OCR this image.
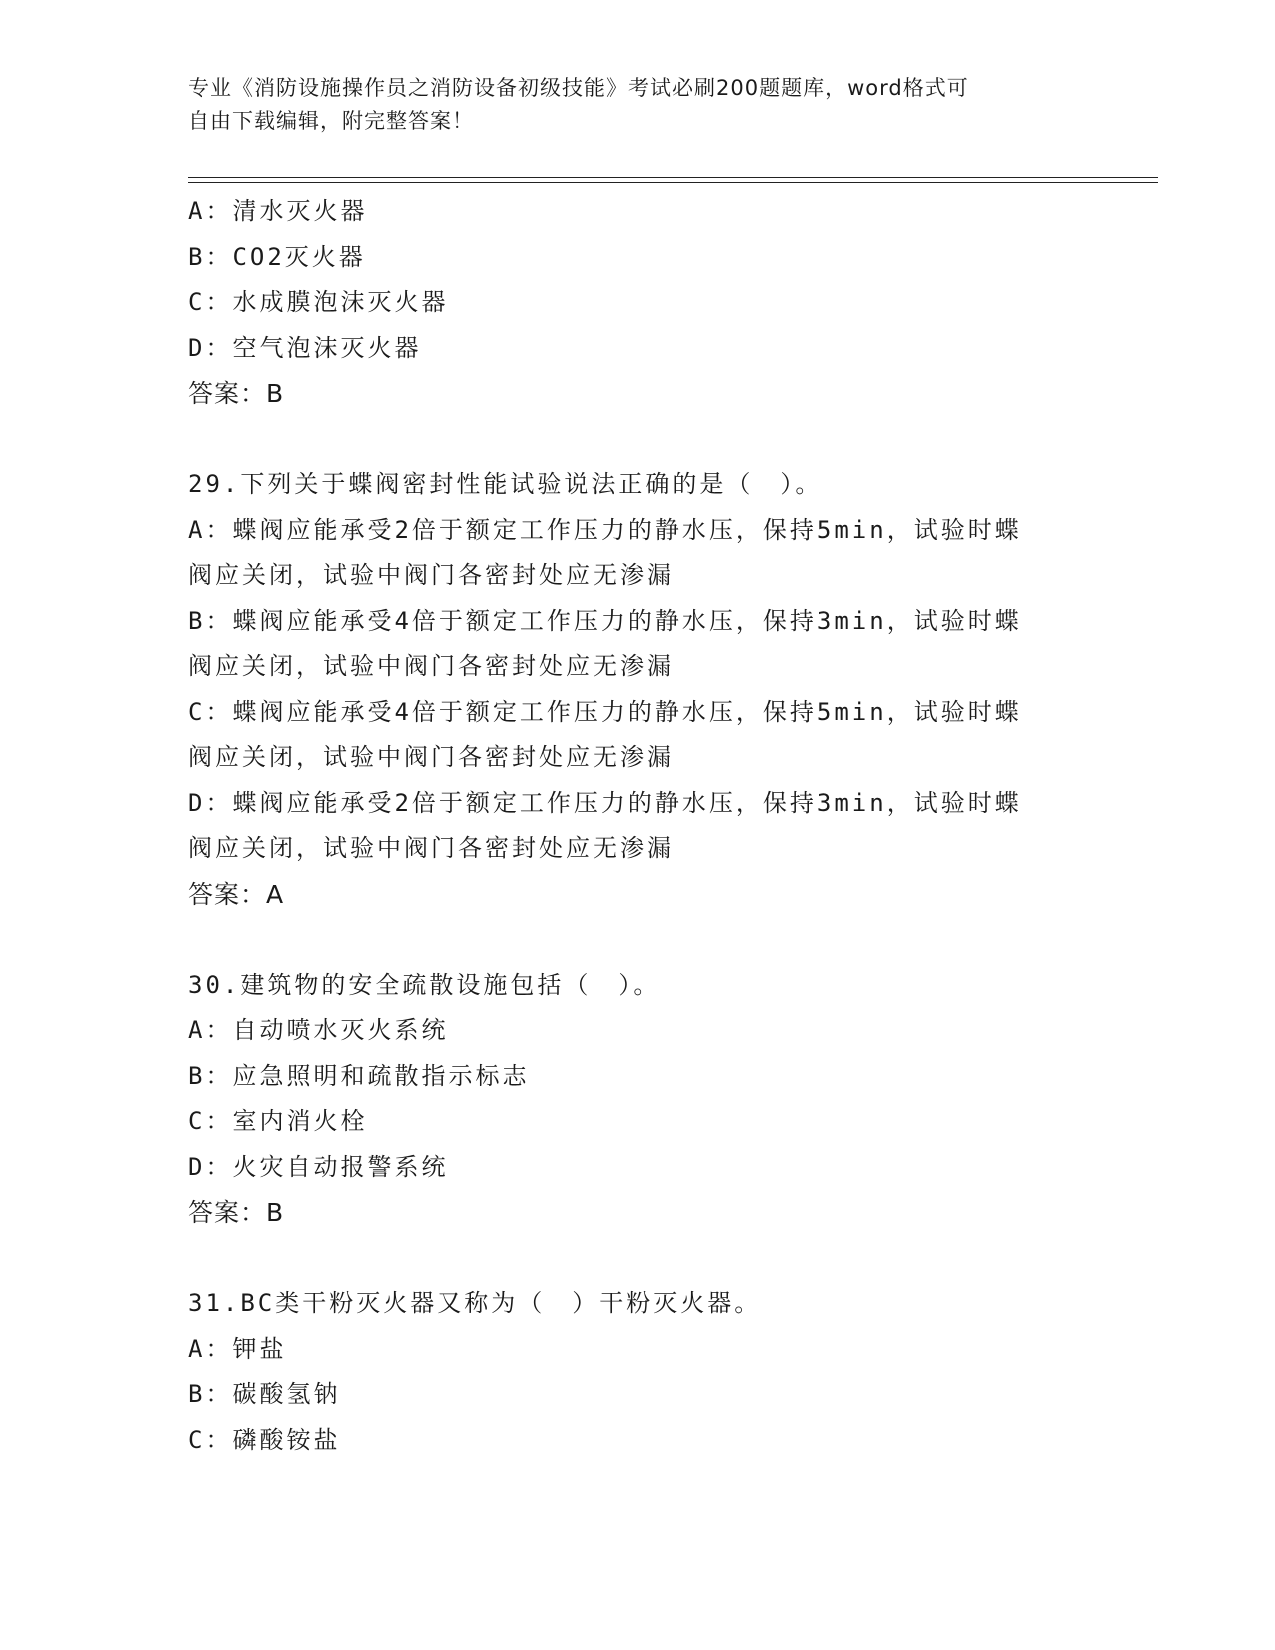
专业《消防设施操作员之消防设备初级技能》考试必刷200题题库，word格式可
自由下载编辑，附完整答案！
A：清水灭火器
B：CO2灭火器
C：水成膜泡沫灭火器
D：空气泡沫灭火器
答案：B
29.下列关于蝶阀密封性能试验说法正确的是（　）。
A：蝶阀应能承受2倍于额定工作压力的静水压，保持5min，试验时蝶
阀应关闭，试验中阀门各密封处应无渗漏
B：蝶阀应能承受4倍于额定工作压力的静水压，保持3min，试验时蝶
阀应关闭，试验中阀门各密封处应无渗漏
C：蝶阀应能承受4倍于额定工作压力的静水压，保持5min，试验时蝶
阀应关闭，试验中阀门各密封处应无渗漏
D：蝶阀应能承受2倍于额定工作压力的静水压，保持3min，试验时蝶
阀应关闭，试验中阀门各密封处应无渗漏
答案：A
30.建筑物的安全疏散设施包括（　）。
A：自动喷水灭火系统
B：应急照明和疏散指示标志
C：室内消火栓
D：火灾自动报警系统
答案：B
31.BC类干粉灭火器又称为（　）干粉灭火器。
A：钾盐
B：碳酸氢钠
C：磷酸铵盐
